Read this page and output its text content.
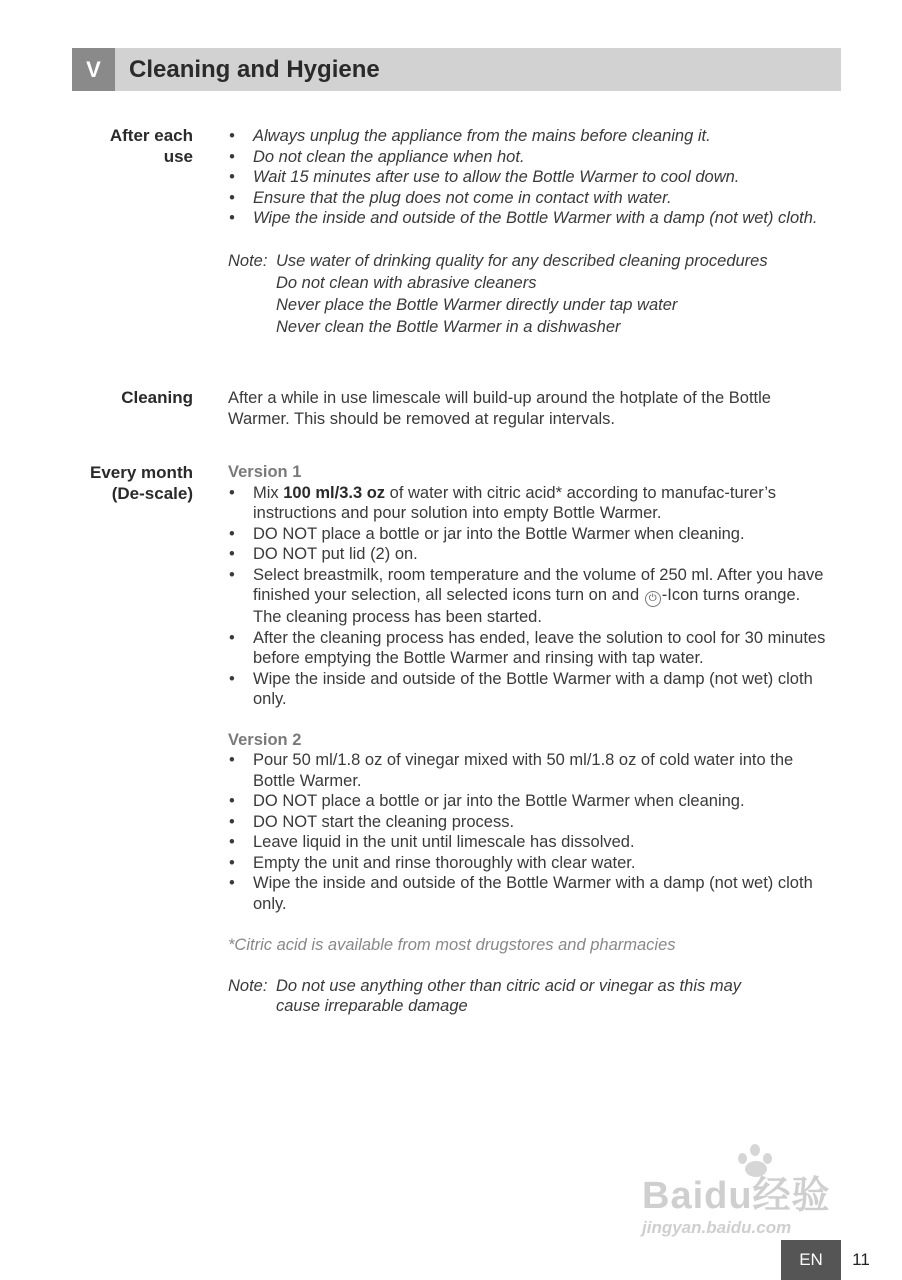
V	Cleaning and Hygiene
After each
use
• Always unplug the appliance from the mains before cleaning it.
• Do not clean the appliance when hot.
• Wait 15 minutes after use to allow the Bottle Warmer to cool down.
• Ensure that the plug does not come in contact with water.
• Wipe the inside and outside of the Bottle Warmer with a damp (not wet) cloth.
Note: Use water of drinking quality for any described cleaning procedures
Do not clean with abrasive cleaners
Never place the Bottle Warmer directly under tap water
Never clean the Bottle Warmer in a dishwasher
Cleaning After a while in use limescale will build-up around the hotplate of the Bottle Warmer. This should be removed at regular intervals.

Every month
(De-scale)
Version 1
• Mix 100 ml/3.3 oz of water with citric acid* according to manufac-turer’s instructions and pour solution into empty Bottle Warmer.
• DO NOT place a bottle or jar into the Bottle Warmer when cleaning.
• DO NOT put lid (2) on.
• Select breastmilk, room temperature and the volume of 250 ml. After you have finished your selection, all selected icons turn on and ⏻ -Icon turns orange. The cleaning process has been started.
• After the cleaning process has ended, leave the solution to cool for 30 minutes before emptying the Bottle Warmer and rinsing with tap water.
• Wipe the inside and outside of the Bottle Warmer with a damp (not wet) cloth only.
Version 2
• Pour 50 ml/1.8 oz of vinegar mixed with 50 ml/1.8 oz of cold water into the Bottle Warmer.
• DO NOT place a bottle or jar into the Bottle Warmer when cleaning.
• DO NOT start the cleaning process.
• Leave liquid in the unit until limescale has dissolved.
• Empty the unit and rinse thoroughly with clear water.
• Wipe the inside and outside of the Bottle Warmer with a damp (not wet) cloth only.

*Citric acid is available from most drugstores and pharmacies

Note: Do not use anything other than citric acid or vinegar as this may
cause irreparable damage
Baidu经验
jingyan.baidu.com
EN	11
